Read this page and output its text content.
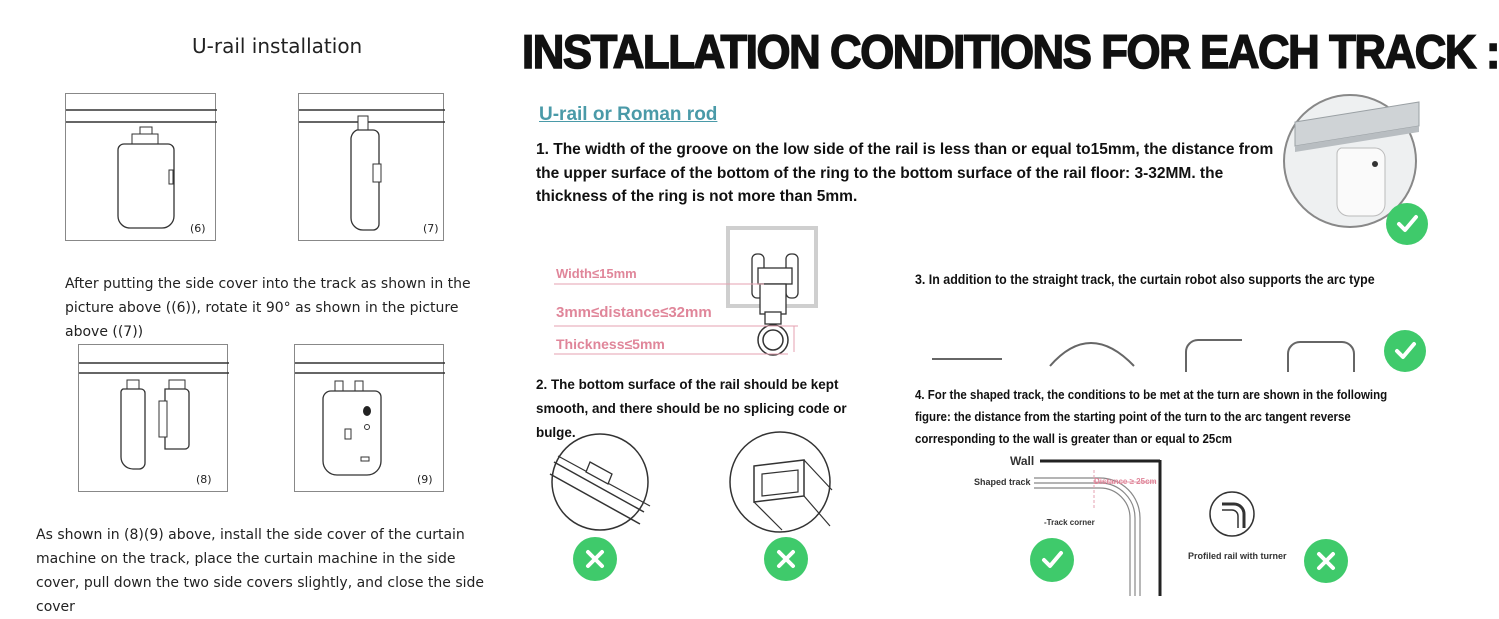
U-rail installation
(6)	(7)
After putting the side cover into the track as shown in the picture above ((6)), rotate it 90° as shown in the picture above ((7))
(8)	(9)
As shown in (8)(9) above, install the side cover of the curtain machine on the track, place the curtain machine in the side cover, pull down the two side covers slightly, and close the side cover
INSTALLATION CONDITIONS FOR EACH TRACK :
U-rail or Roman rod
1. The width of the groove on the low side of the rail is less than or equal to15mm, the distance from the upper surface of the bottom of the ring to the bottom surface of the rail floor: 3-32MM. the thickness of the ring is not more than 5mm.
Width≤15mm
3mm≤distance≤32mm
Thickness≤5mm
2. The bottom surface of the rail should be kept smooth, and there should be no splicing code or bulge.
3. In addition to the straight track, the curtain robot also supports the arc type
4. For the shaped track, the conditions to be met at the turn are shown in the following figure: the distance from the starting point of the turn to the arc tangent reverse corresponding to the wall is greater than or equal to 25cm
Wall
Shaped track	Distance ≥ 25cm
-Track corner
Profiled rail with turner
